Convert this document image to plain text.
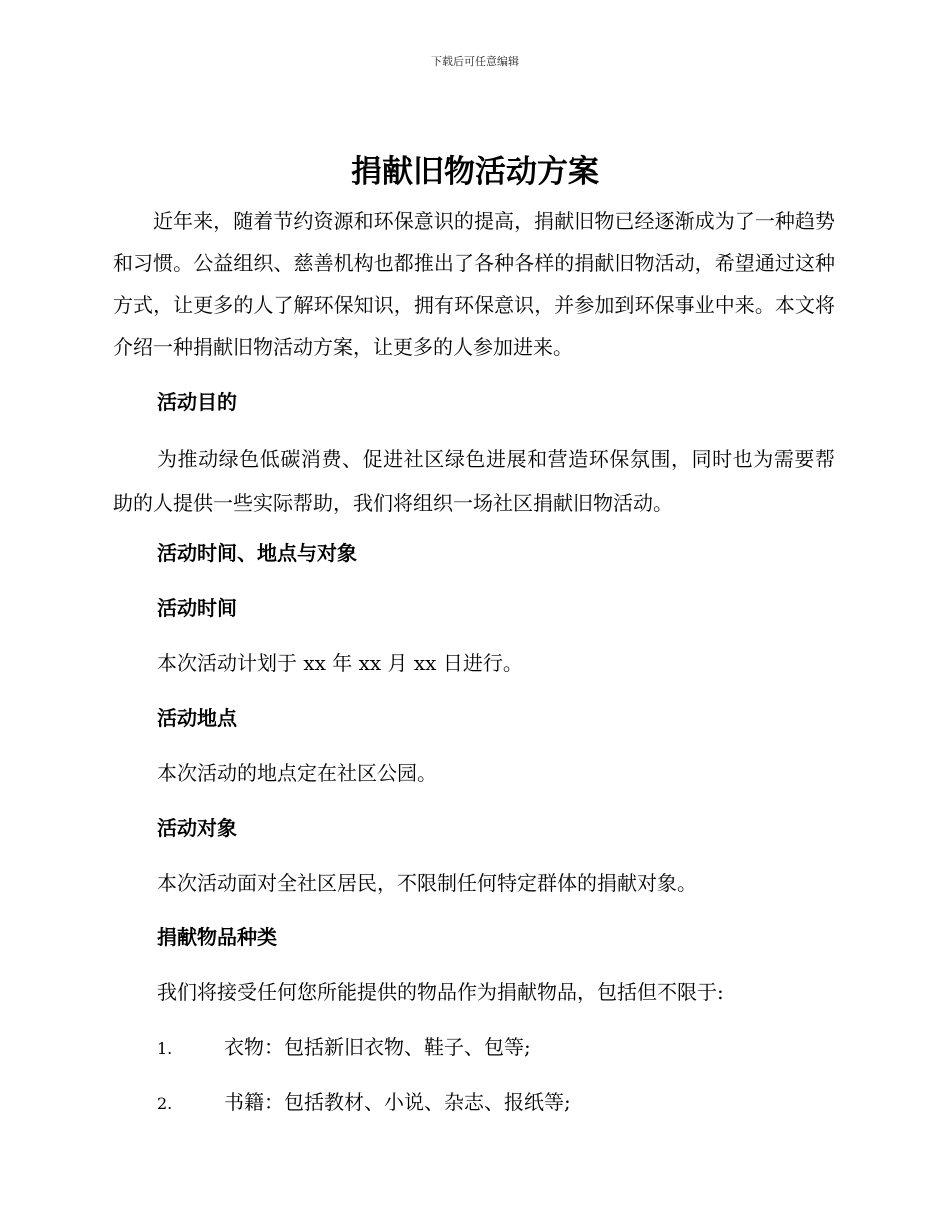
下载后可任意编辑
捐献旧物活动方案

近年来，随着节约资源和环保意识的提高，捐献旧物已经逐渐成为了一种趋势和习惯。公益组织、慈善机构也都推出了各种各样的捐献旧物活动，希望通过这种方式，让更多的人了解环保知识，拥有环保意识，并参加到环保事业中来。本文将介绍一种捐献旧物活动方案，让更多的人参加进来。

活动目的

为推动绿色低碳消费、促进社区绿色进展和营造环保氛围，同时也为需要帮助的人提供一些实际帮助，我们将组织一场社区捐献旧物活动。

活动时间、地点与对象
活动时间
本次活动计划于 xx 年 xx 月 xx 日进行。
活动地点
本次活动的地点定在社区公园。
活动对象
本次活动面对全社区居民，不限制任何特定群体的捐献对象。
捐献物品种类
我们将接受任何您所能提供的物品作为捐献物品，包括但不限于:
1.	衣物：包括新旧衣物、鞋子、包等;
2.	书籍：包括教材、小说、杂志、报纸等;
